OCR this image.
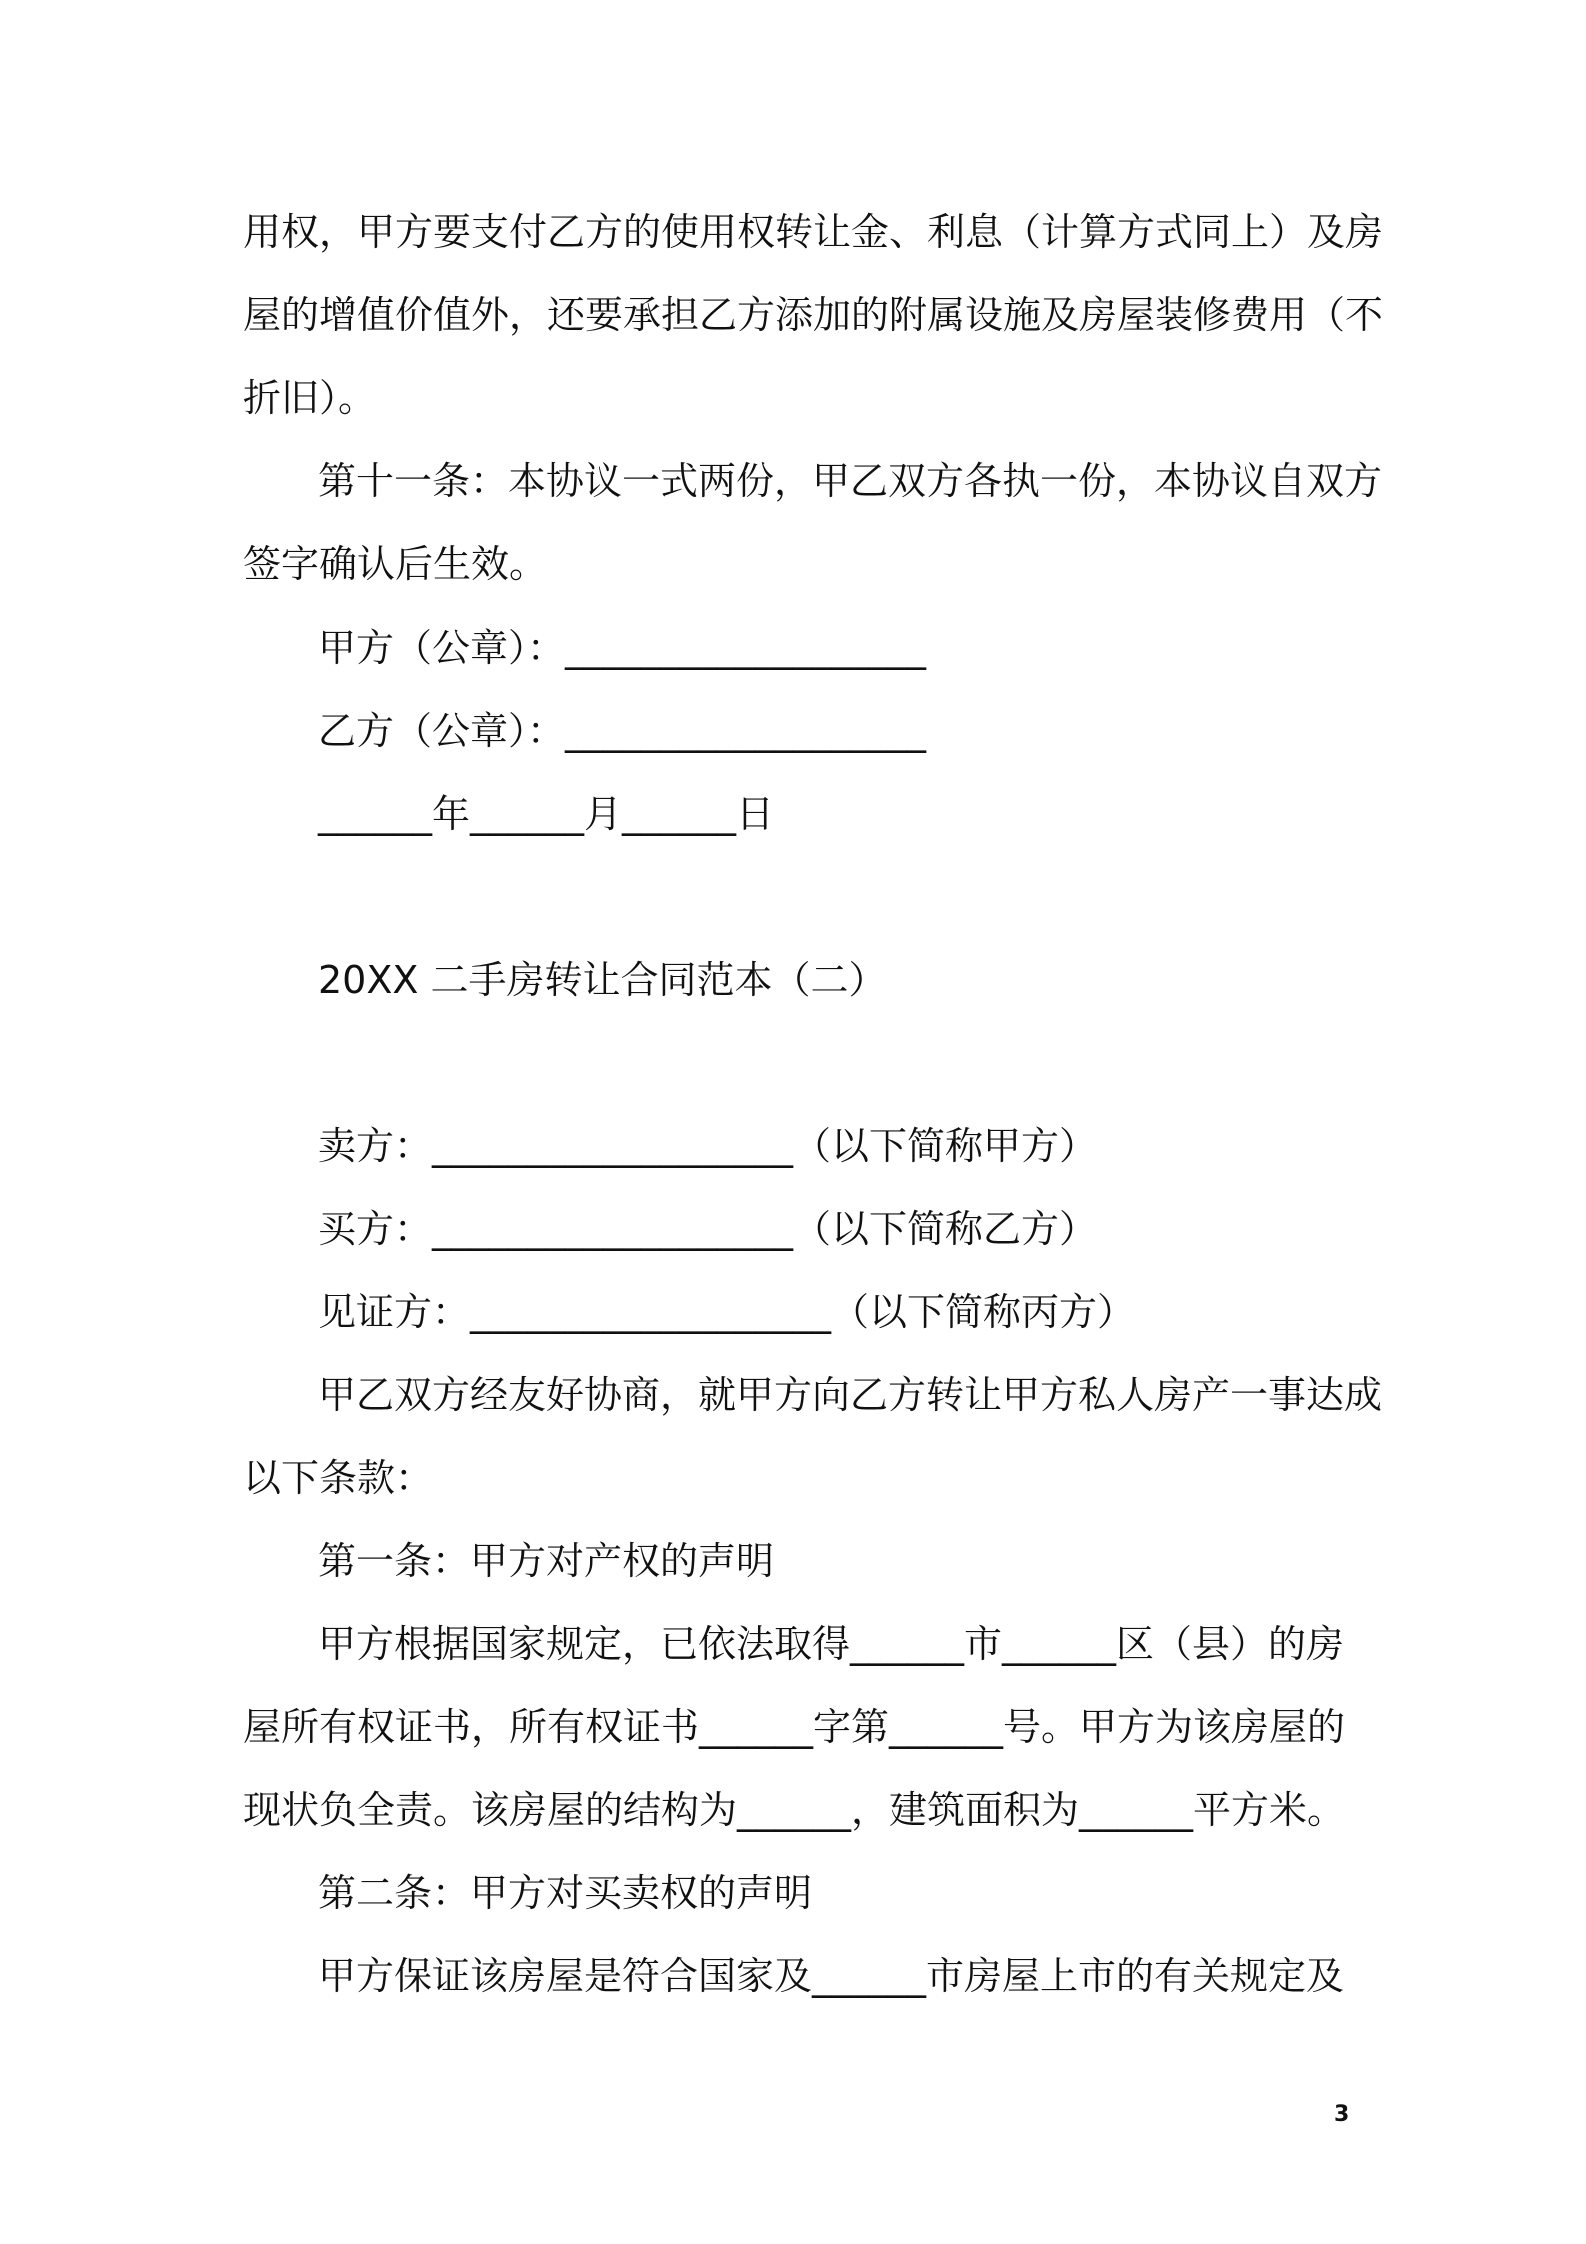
用权，甲方要支付乙方的使用权转让金、利息（计算方式同上）及房
屋的增值价值外，还要承担乙方添加的附属设施及房屋装修费用（不
折旧）。
第十一条：本协议一式两份，甲乙双方各执一份，本协议自双方
签字确认后生效。
甲方（公章）：___________________
乙方（公章）：___________________
______年______月______日
20XX 二手房转让合同范本（二）
卖方：___________________（以下简称甲方）
买方：___________________（以下简称乙方）
见证方：___________________（以下简称丙方）
甲乙双方经友好协商，就甲方向乙方转让甲方私人房产一事达成
以下条款：
第一条：甲方对产权的声明
甲方根据国家规定，已依法取得______市______区（县）的房
屋所有权证书，所有权证书______字第______号。甲方为该房屋的
现状负全责。该房屋的结构为______，建筑面积为______平方米。
第二条：甲方对买卖权的声明
甲方保证该房屋是符合国家及______市房屋上市的有关规定及
3
